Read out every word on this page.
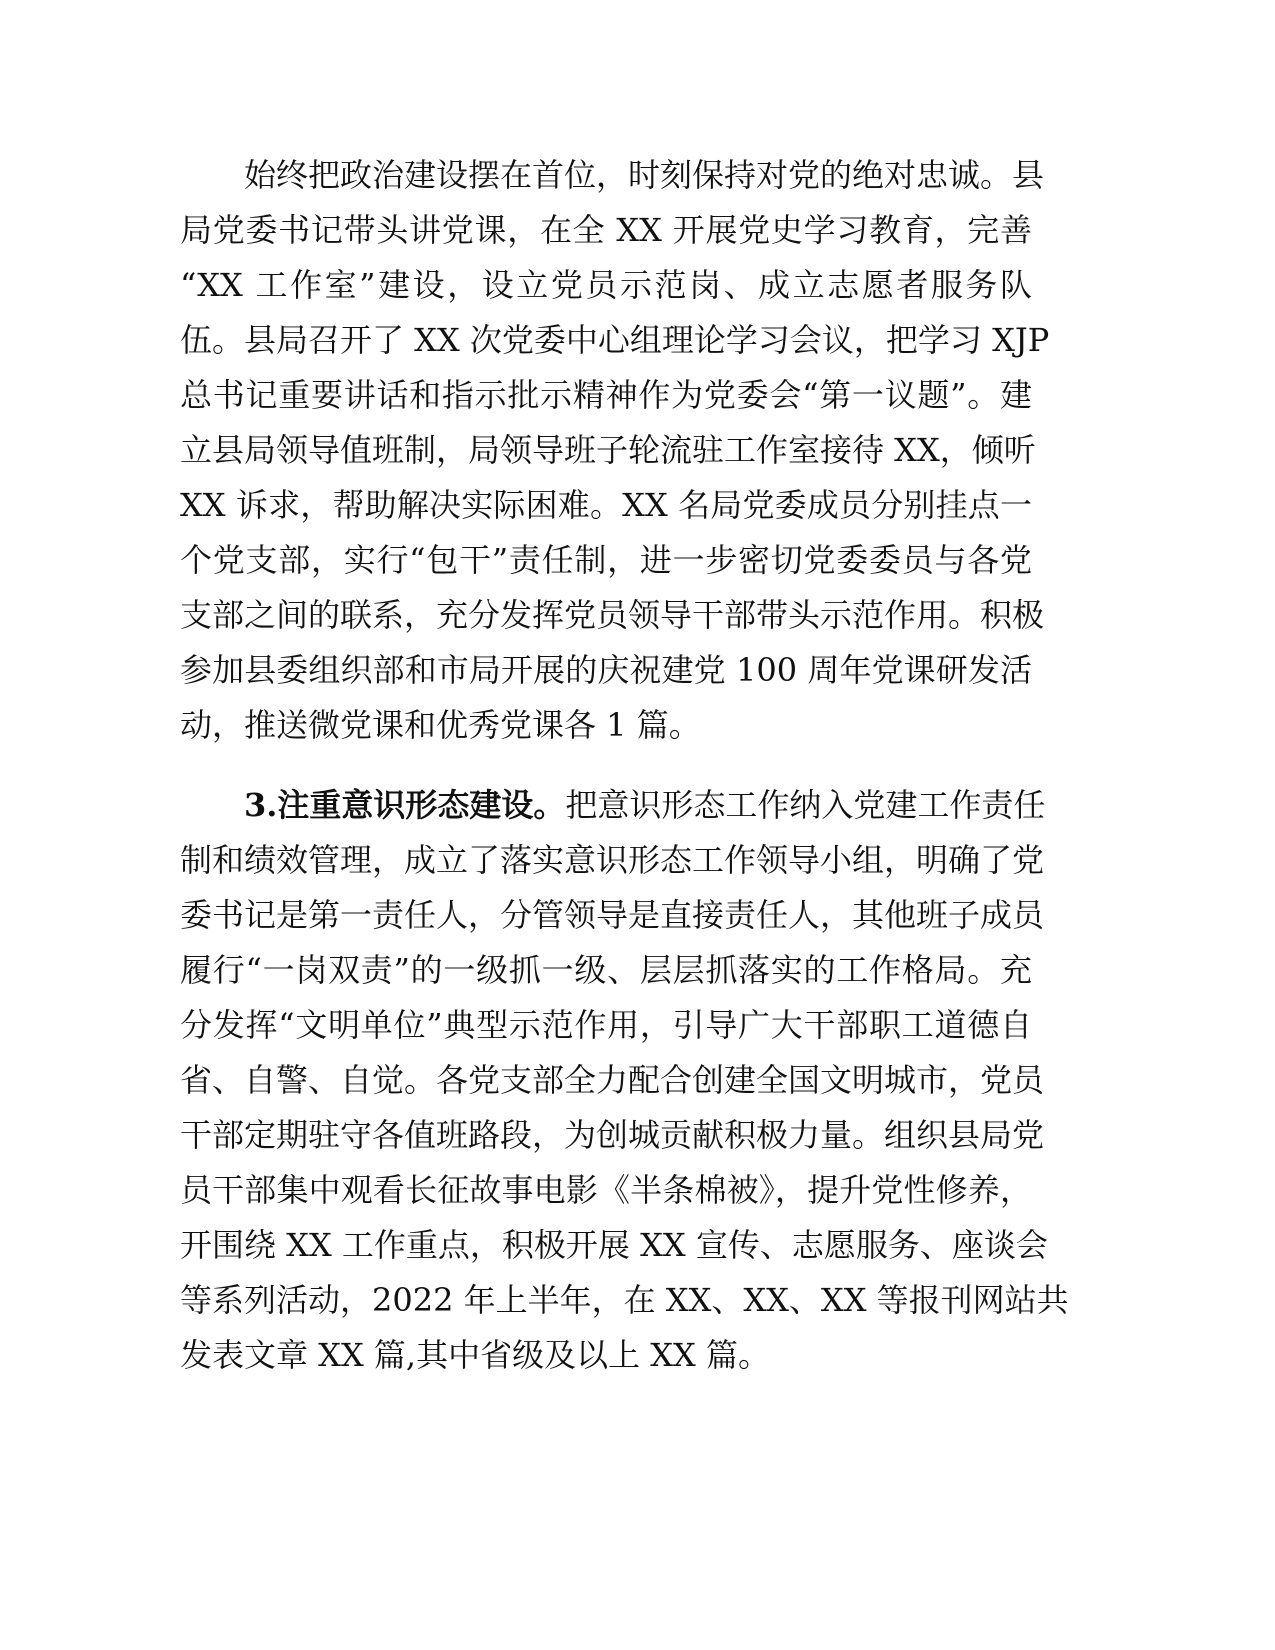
始终把政治建设摆在首位，时刻保持对党的绝对忠诚。县
局党委书记带头讲党课，在全 XX 开展党史学习教育，完善
“XX 工作室”建设，设立党员示范岗、成立志愿者服务队
伍。县局召开了 XX 次党委中心组理论学习会议，把学习 XJP
总书记重要讲话和指示批示精神作为党委会“第一议题”。建
立县局领导值班制，局领导班子轮流驻工作室接待 XX，倾听
XX 诉求，帮助解决实际困难。XX 名局党委成员分别挂点一
个党支部，实行“包干”责任制，进一步密切党委委员与各党
支部之间的联系，充分发挥党员领导干部带头示范作用。积极
参加县委组织部和市局开展的庆祝建党 100 周年党课研发活
动，推送微党课和优秀党课各 1 篇。
3.注重意识形态建设。把意识形态工作纳入党建工作责任
制和绩效管理，成立了落实意识形态工作领导小组，明确了党
委书记是第一责任人，分管领导是直接责任人，其他班子成员
履行“一岗双责”的一级抓一级、层层抓落实的工作格局。充
分发挥“文明单位”典型示范作用，引导广大干部职工道德自
省、自警、自觉。各党支部全力配合创建全国文明城市，党员
干部定期驻守各值班路段，为创城贡献积极力量。组织县局党
员干部集中观看长征故事电影《半条棉被》，提升党性修养，
开围绕 XX 工作重点，积极开展 XX 宣传、志愿服务、座谈会
等系列活动，2022 年上半年，在 XX、XX、XX 等报刊网站共
发表文章 XX 篇,其中省级及以上 XX 篇。
